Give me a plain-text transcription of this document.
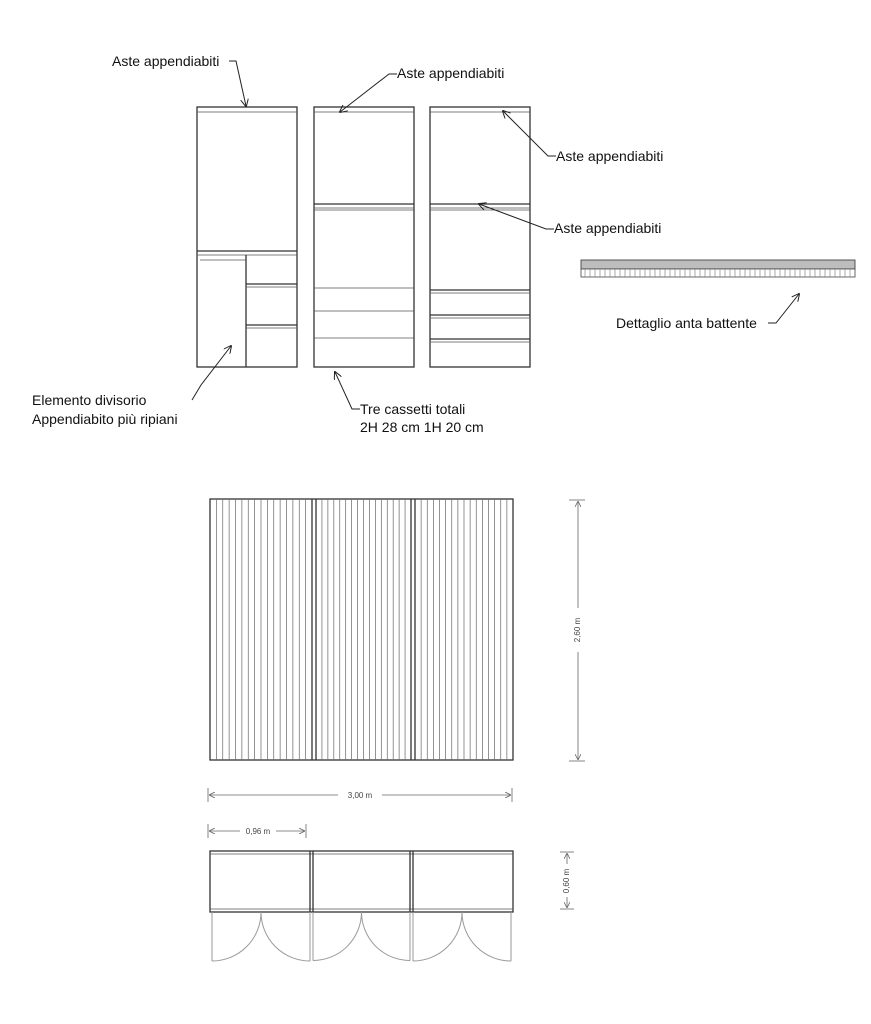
Aste appendiabiti
Aste appendiabiti
Aste appendiabiti
Aste appendiabiti
Elemento divisorio
Appendiabito più ripiani
Tre cassetti totali
2H 28 cm 1H 20 cm
Dettaglio anta battente
2,60 m
3,00 m
0,96 m
0,60 m
